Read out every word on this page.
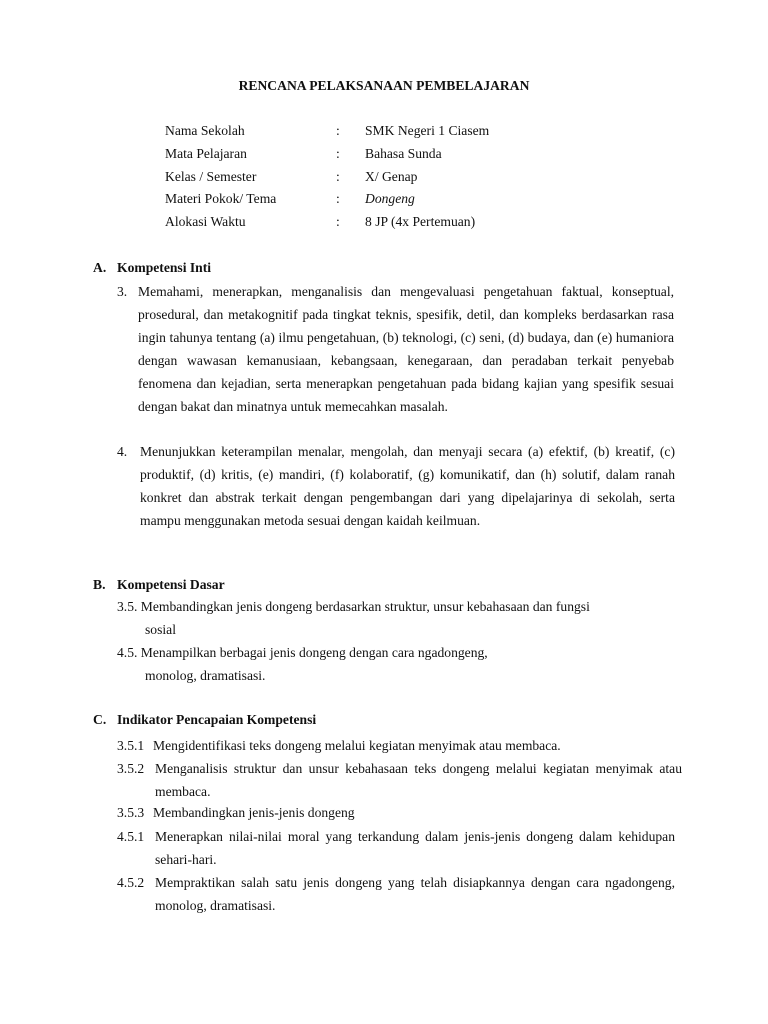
RENCANA PELAKSANAAN PEMBELAJARAN
Nama Sekolah	: SMK Negeri 1 Ciasem
Mata Pelajaran	: Bahasa Sunda
Kelas / Semester	: X/ Genap
Materi Pokok/ Tema	: Dongeng
Alokasi Waktu	: 8 JP (4x Pertemuan)
A. Kompetensi Inti
3. Memahami, menerapkan, menganalisis dan mengevaluasi pengetahuan faktual, konseptual, prosedural, dan metakognitif pada tingkat teknis, spesifik, detil, dan kompleks berdasarkan rasa ingin tahunya tentang (a) ilmu pengetahuan, (b) teknologi, (c) seni, (d) budaya, dan (e) humaniora dengan wawasan kemanusiaan, kebangsaan, kenegaraan, dan peradaban terkait penyebab fenomena dan kejadian, serta menerapkan pengetahuan pada bidang kajian yang spesifik sesuai dengan bakat dan minatnya untuk memecahkan masalah.
4. Menunjukkan keterampilan menalar, mengolah, dan menyaji secara (a) efektif, (b) kreatif, (c) produktif, (d) kritis, (e) mandiri, (f) kolaboratif, (g) komunikatif, dan (h) solutif, dalam ranah konkret dan abstrak terkait dengan pengembangan dari yang dipelajarinya di sekolah, serta mampu menggunakan metoda sesuai dengan kaidah keilmuan.
B. Kompetensi Dasar
3.5. Membandingkan jenis dongeng berdasarkan struktur, unsur kebahasaan dan fungsi
sosial
4.5. Menampilkan berbagai jenis dongeng dengan cara ngadongeng,
monolog, dramatisasi.
C. Indikator Pencapaian Kompetensi
3.5.1 Mengidentifikasi teks dongeng melalui kegiatan menyimak atau membaca.
3.5.2 Menganalisis struktur dan unsur kebahasaan teks dongeng melalui kegiatan menyimak atau membaca.
3.5.3 Membandingkan jenis-jenis dongeng
4.5.1 Menerapkan nilai-nilai moral yang terkandung dalam jenis-jenis dongeng dalam kehidupan sehari-hari.
4.5.2 Mempraktikan salah satu jenis dongeng yang telah disiapkannya dengan cara ngadongeng, monolog, dramatisasi.
